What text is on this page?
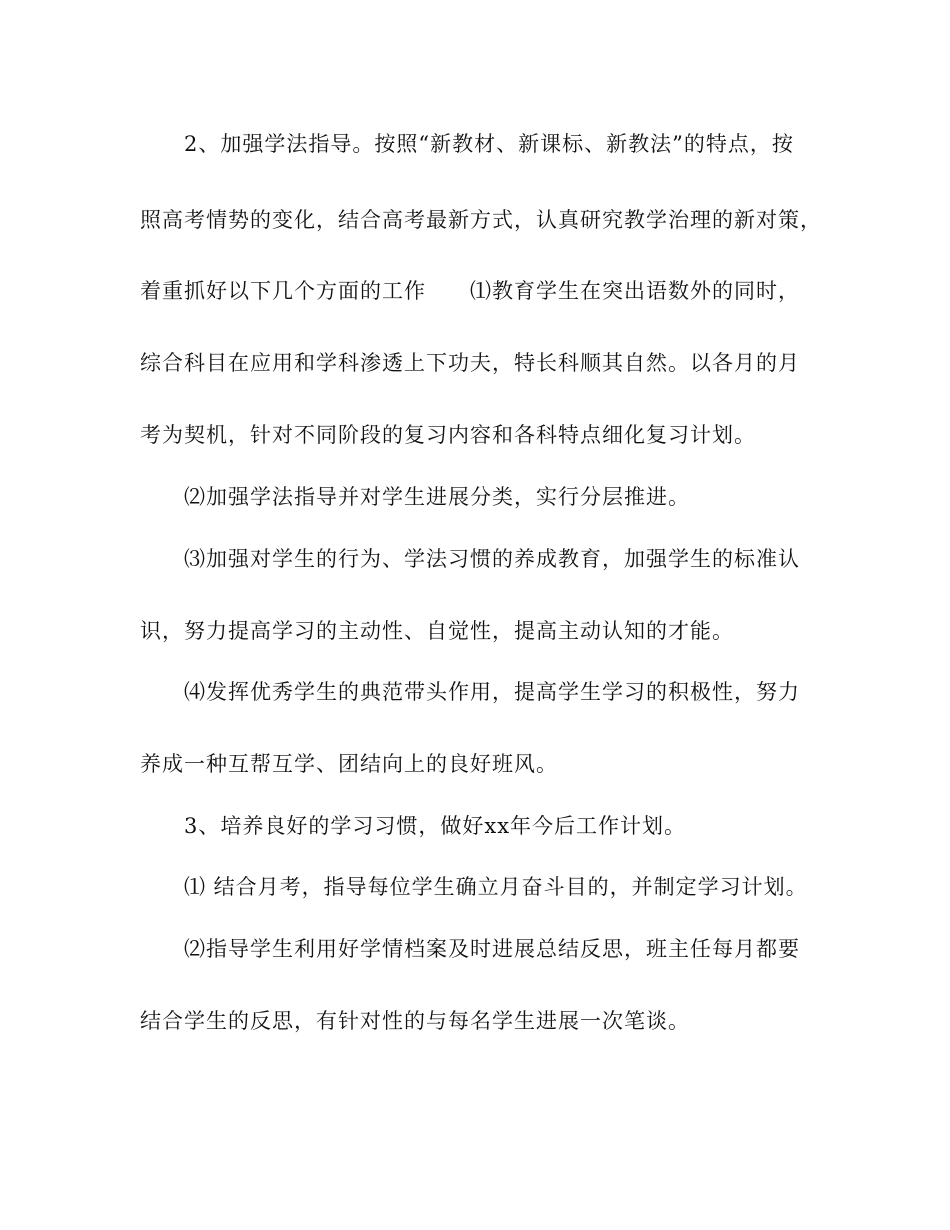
2、加强学法指导。按照“新教材、新课标、新教法”的特点，按
照高考情势的变化，结合高考最新方式，认真研究教学治理的新对策，
着重抓好以下几个方面的工作　　⑴教育学生在突出语数外的同时，
综合科目在应用和学科渗透上下功夫，特长科顺其自然。以各月的月
考为契机，针对不同阶段的复习内容和各科特点细化复习计划。
⑵加强学法指导并对学生进展分类，实行分层推进。
⑶加强对学生的行为、学法习惯的养成教育，加强学生的标准认
识，努力提高学习的主动性、自觉性，提高主动认知的才能。
⑷发挥优秀学生的典范带头作用，提高学生学习的积极性，努力
养成一种互帮互学、团结向上的良好班风。
3、培养良好的学习习惯，做好xx年今后工作计划。
⑴ 结合月考，指导每位学生确立月奋斗目的，并制定学习计划。
⑵指导学生利用好学情档案及时进展总结反思，班主任每月都要
结合学生的反思，有针对性的与每名学生进展一次笔谈。
